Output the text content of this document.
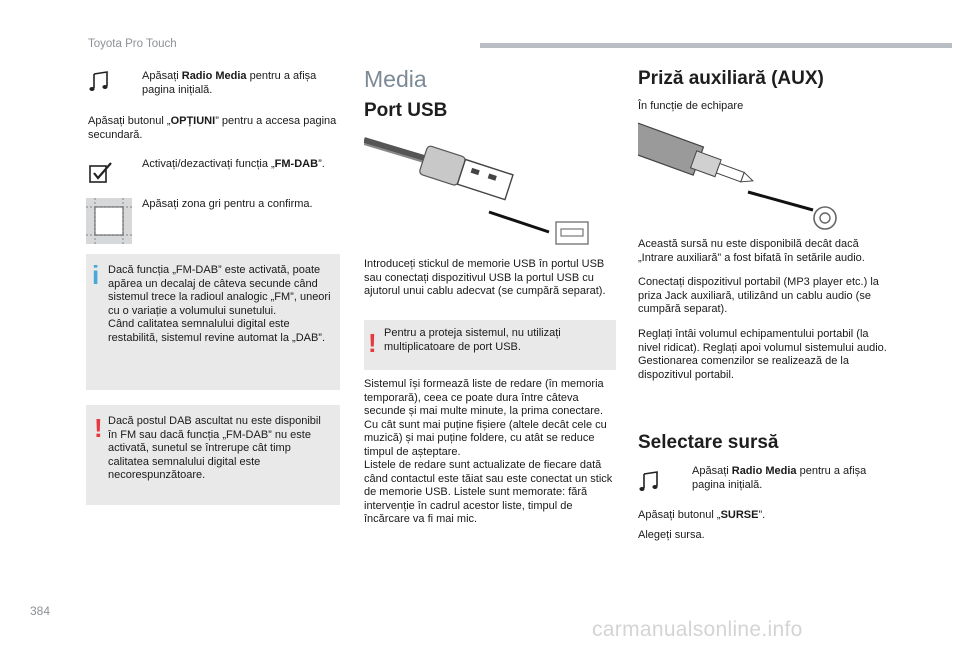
Toyota Pro Touch

Apăsați Radio Media pentru a afișa pagina inițială.

Apăsați butonul „OPȚIUNI” pentru a accesa pagina secundară.

Activați/dezactivați funcția „FM-DAB”.

Apăsați zona gri pentru a confirma.

i Dacă funcția „FM-DAB” este activată, poate apărea un decalaj de câteva secunde când sistemul trece la radioul analogic „FM”, uneori cu o variație a volumului sunetului.
Când calitatea semnalului digital este restabilită, sistemul revine automat la „DAB”.

! Dacă postul DAB ascultat nu este disponibil în FM sau dacă funcția „FM-DAB” nu este activată, sunetul se întrerupe cât timp calitatea semnalului digital este necorespunzătoare.

Media
Port USB

Introduceți stickul de memorie USB în portul USB sau conectați dispozitivul USB la portul USB cu ajutorul unui cablu adecvat (se cumpără separat).

! Pentru a proteja sistemul, nu utilizați multiplicatoare de port USB.

Sistemul își formează liste de redare (în memoria temporară), ceea ce poate dura între câteva secunde și mai multe minute, la prima conectare.
Cu cât sunt mai puține fișiere (altele decât cele cu muzică) și mai puține foldere, cu atât se reduce timpul de așteptare.
Listele de redare sunt actualizate de fiecare dată când contactul este tăiat sau este conectat un stick de memorie USB. Listele sunt memorate: fără intervenție în cadrul acestor liste, timpul de încărcare va fi mai mic.

Priză auxiliară (AUX)

În funcție de echipare

Această sursă nu este disponibilă decât dacă „Intrare auxiliară” a fost bifată în setările audio.

Conectați dispozitivul portabil (MP3 player etc.) la priza Jack auxiliară, utilizând un cablu audio (se cumpără separat).

Reglați întâi volumul echipamentului portabil (la nivel ridicat). Reglați apoi volumul sistemului audio.
Gestionarea comenzilor se realizează de la dispozitivul portabil.

Selectare sursă

Apăsați Radio Media pentru a afișa pagina inițială.

Apăsați butonul „SURSE”.

Alegeți sursa.

384
carmanualsonline.info
